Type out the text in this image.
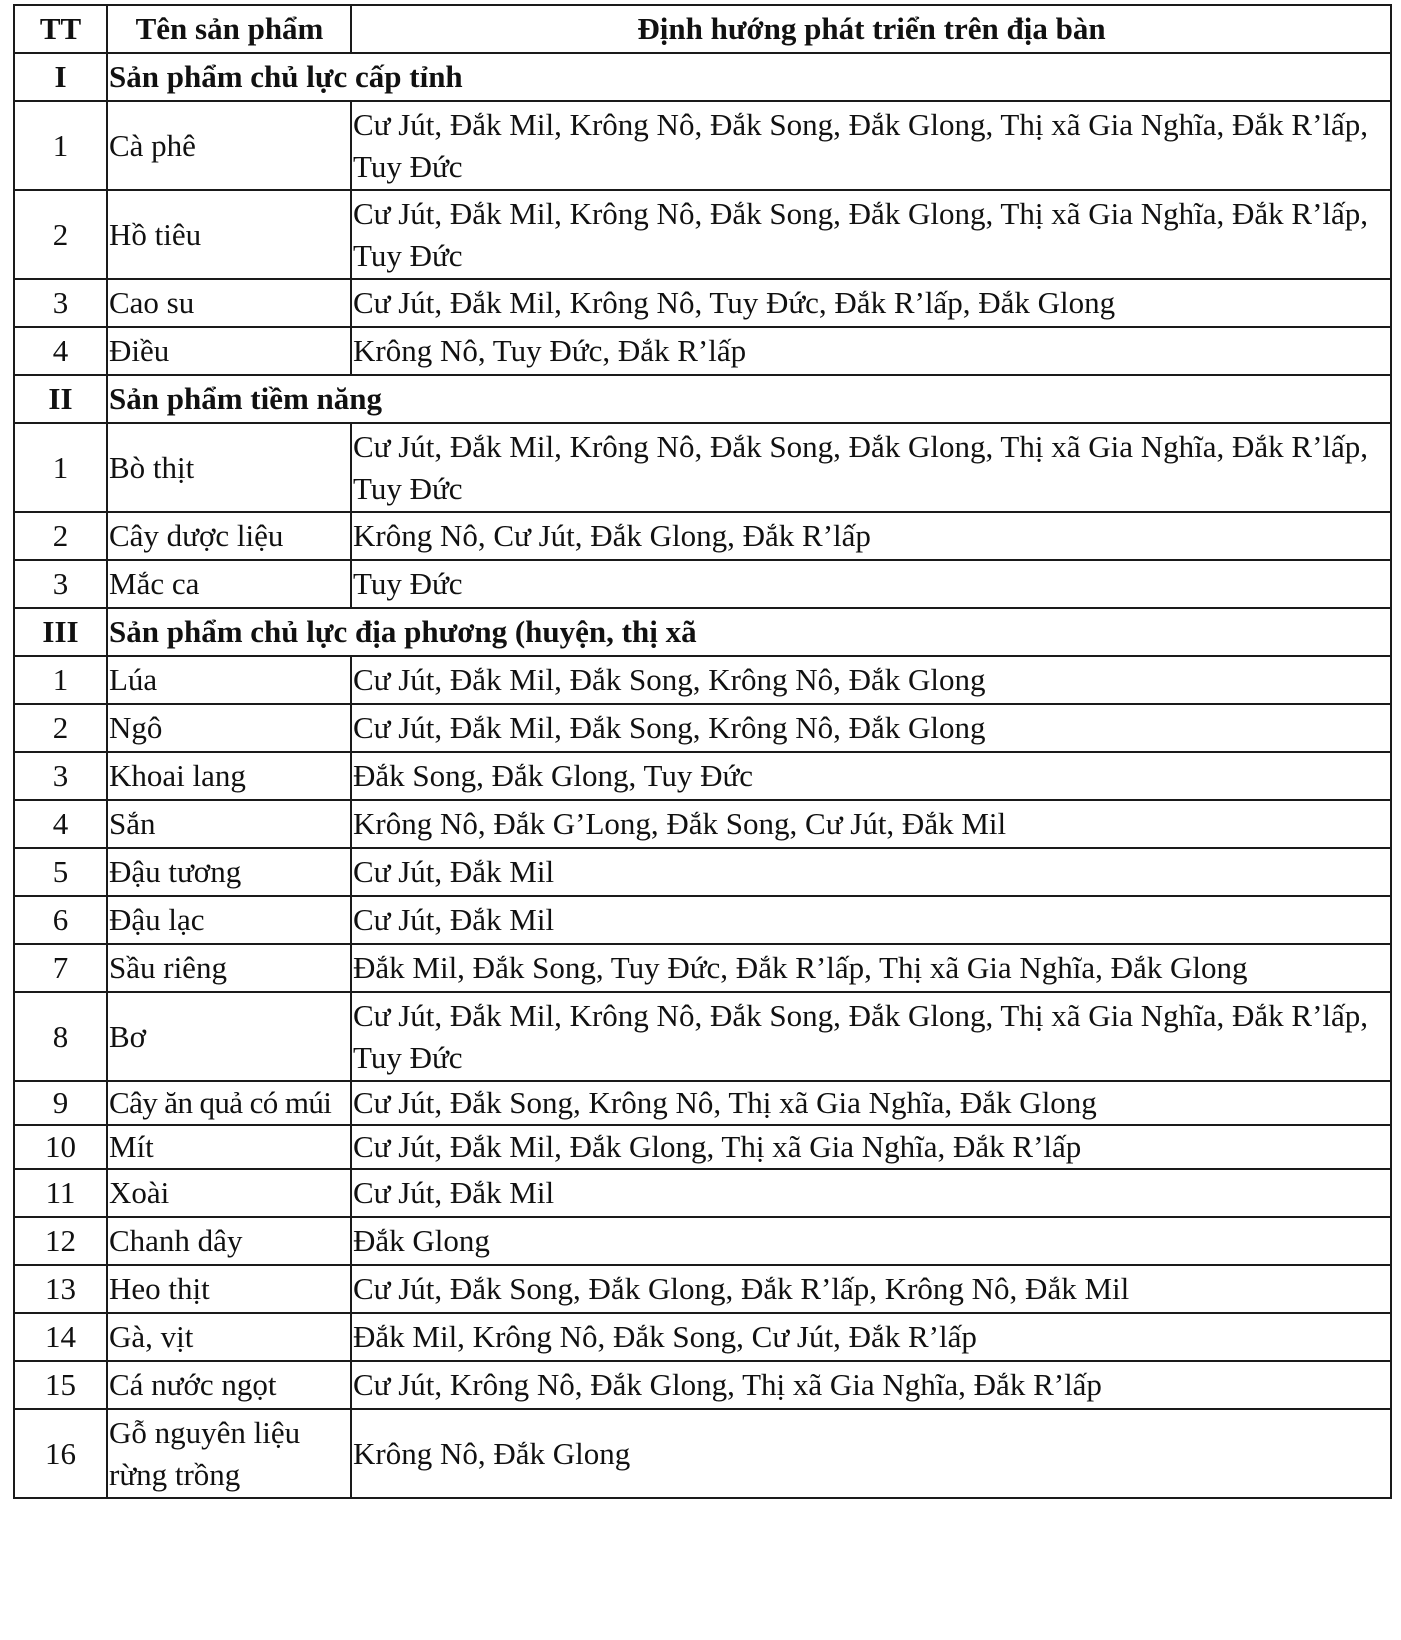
TT	Tên sản phẩm	Định hướng phát triển trên địa bàn
I	Sản phẩm chủ lực cấp tỉnh	
1	Cà phê	Cư Jút, Đắk Mil, Krông Nô, Đắk Song, Đắk Glong, Thị xã Gia Nghĩa, Đắk R’lấp, Tuy Đức
2	Hồ tiêu	Cư Jút, Đắk Mil, Krông Nô, Đắk Song, Đắk Glong, Thị xã Gia Nghĩa, Đắk R’lấp, Tuy Đức
3	Cao su	Cư Jút, Đắk Mil, Krông Nô, Tuy Đức, Đắk R’lấp, Đắk Glong
4	Điều	Krông Nô, Tuy Đức, Đắk R’lấp
II	Sản phẩm tiềm năng	
1	Bò thịt	Cư Jút, Đắk Mil, Krông Nô, Đắk Song, Đắk Glong, Thị xã Gia Nghĩa, Đắk R’lấp, Tuy Đức
2	Cây dược liệu	Krông Nô, Cư Jút, Đắk Glong, Đắk R’lấp
3	Mắc ca	Tuy Đức
III	Sản phẩm chủ lực địa phương (huyện, thị xã	
1	Lúa	Cư Jút, Đắk Mil, Đắk Song, Krông Nô, Đắk Glong
2	Ngô	Cư Jút, Đắk Mil, Đắk Song, Krông Nô, Đắk Glong
3	Khoai lang	Đắk Song, Đắk Glong, Tuy Đức
4	Sắn	Krông Nô, Đắk G’Long, Đắk Song, Cư Jút, Đắk Mil
5	Đậu tương	Cư Jút, Đắk Mil
6	Đậu lạc	Cư Jút, Đắk Mil
7	Sầu riêng	Đắk Mil, Đắk Song, Tuy Đức, Đắk R’lấp, Thị xã Gia Nghĩa, Đắk Glong
8	Bơ	Cư Jút, Đắk Mil, Krông Nô, Đắk Song, Đắk Glong, Thị xã Gia Nghĩa, Đắk R’lấp, Tuy Đức
9	Cây ăn quả có múi	Cư Jút, Đắk Song, Krông Nô, Thị xã Gia Nghĩa, Đắk Glong
10	Mít	Cư Jút, Đắk Mil, Đắk Glong, Thị xã Gia Nghĩa, Đắk R’lấp
11	Xoài	Cư Jút, Đắk Mil
12	Chanh dây	Đắk Glong
13	Heo thịt	Cư Jút, Đắk Song, Đắk Glong, Đắk R’lấp, Krông Nô, Đắk Mil
14	Gà, vịt	Đắk Mil, Krông Nô, Đắk Song, Cư Jút, Đắk R’lấp
15	Cá nước ngọt	Cư Jút, Krông Nô, Đắk Glong, Thị xã Gia Nghĩa, Đắk R’lấp
16	Gỗ nguyên liệu rừng trồng	Krông Nô, Đắk Glong
